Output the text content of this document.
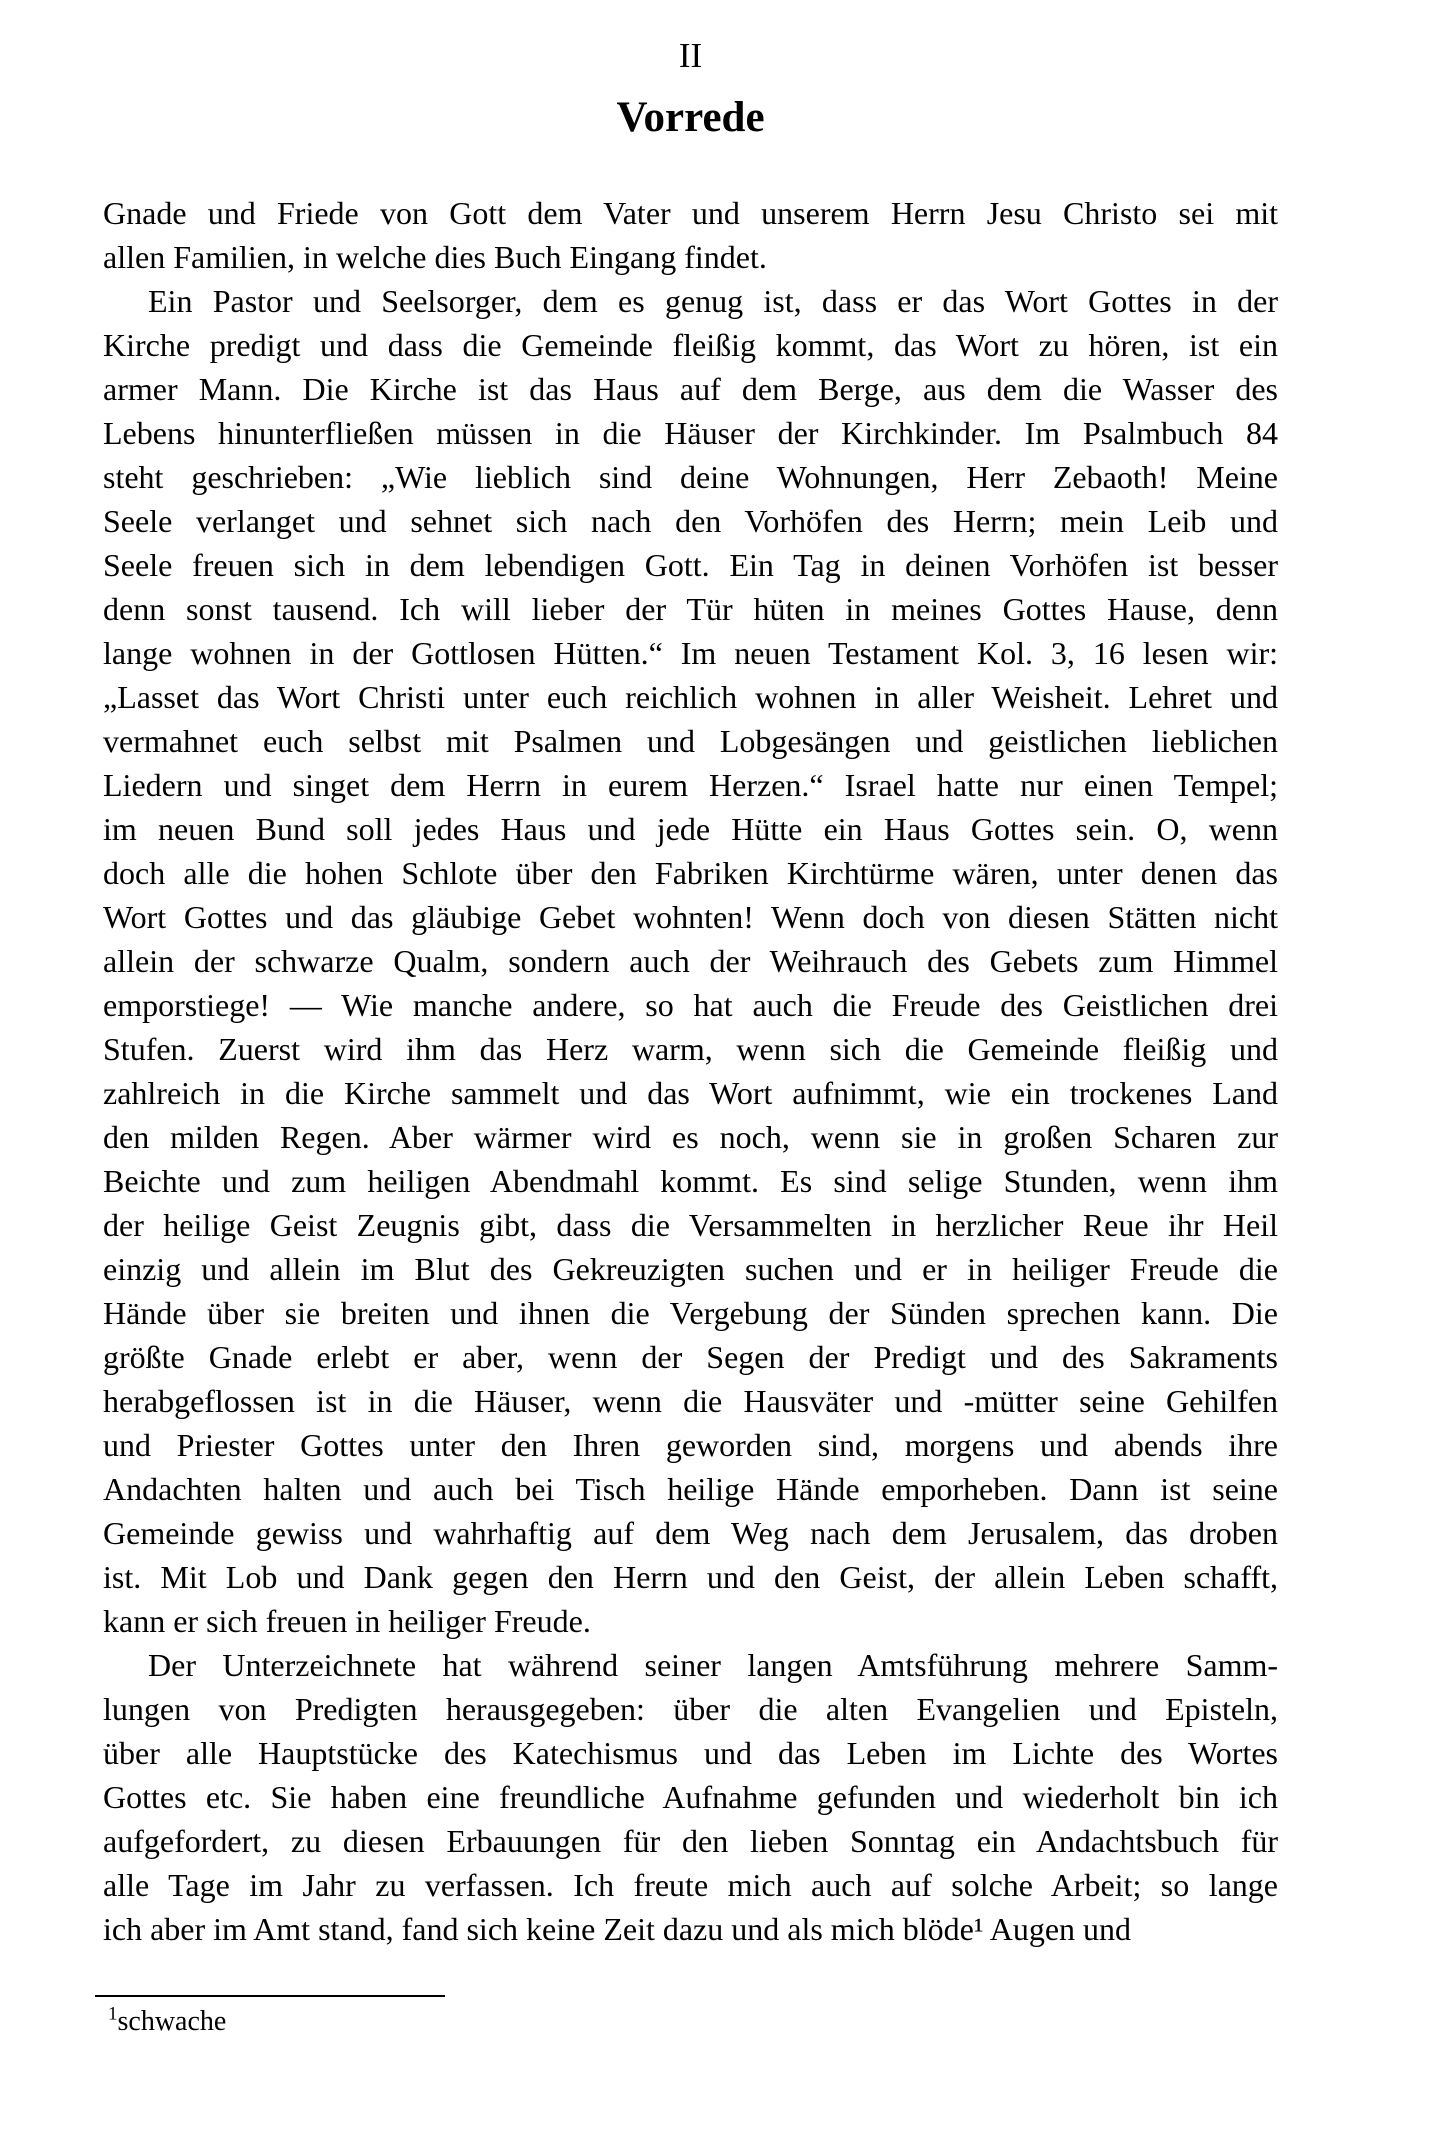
II
Vorrede
Gnade und Friede von Gott dem Vater und unserem Herrn Jesu Christo sei mit
allen Familien, in welche dies Buch Eingang findet.
Ein Pastor und Seelsorger, dem es genug ist, dass er das Wort Gottes in der
Kirche predigt und dass die Gemeinde fleißig kommt, das Wort zu hören, ist ein
armer Mann. Die Kirche ist das Haus auf dem Berge, aus dem die Wasser des
Lebens hinunterfließen müssen in die Häuser der Kirchkinder. Im Psalmbuch 84
steht geschrieben: „Wie lieblich sind deine Wohnungen, Herr Zebaoth! Meine
Seele verlanget und sehnet sich nach den Vorhöfen des Herrn; mein Leib und
Seele freuen sich in dem lebendigen Gott. Ein Tag in deinen Vorhöfen ist besser
denn sonst tausend. Ich will lieber der Tür hüten in meines Gottes Hause, denn
lange wohnen in der Gottlosen Hütten.“ Im neuen Testament Kol. 3, 16 lesen wir:
„Lasset das Wort Christi unter euch reichlich wohnen in aller Weisheit. Lehret und
vermahnet euch selbst mit Psalmen und Lobgesängen und geistlichen lieblichen
Liedern und singet dem Herrn in eurem Herzen.“ Israel hatte nur einen Tempel;
im neuen Bund soll jedes Haus und jede Hütte ein Haus Gottes sein. O, wenn
doch alle die hohen Schlote über den Fabriken Kirchtürme wären, unter denen das
Wort Gottes und das gläubige Gebet wohnten! Wenn doch von diesen Stätten nicht
allein der schwarze Qualm, sondern auch der Weihrauch des Gebets zum Himmel
emporstiege! — Wie manche andere, so hat auch die Freude des Geistlichen drei
Stufen. Zuerst wird ihm das Herz warm, wenn sich die Gemeinde fleißig und
zahlreich in die Kirche sammelt und das Wort aufnimmt, wie ein trockenes Land
den milden Regen. Aber wärmer wird es noch, wenn sie in großen Scharen zur
Beichte und zum heiligen Abendmahl kommt. Es sind selige Stunden, wenn ihm
der heilige Geist Zeugnis gibt, dass die Versammelten in herzlicher Reue ihr Heil
einzig und allein im Blut des Gekreuzigten suchen und er in heiliger Freude die
Hände über sie breiten und ihnen die Vergebung der Sünden sprechen kann. Die
größte Gnade erlebt er aber, wenn der Segen der Predigt und des Sakraments
herabgeflossen ist in die Häuser, wenn die Hausväter und -mütter seine Gehilfen
und Priester Gottes unter den Ihren geworden sind, morgens und abends ihre
Andachten halten und auch bei Tisch heilige Hände emporheben. Dann ist seine
Gemeinde gewiss und wahrhaftig auf dem Weg nach dem Jerusalem, das droben
ist. Mit Lob und Dank gegen den Herrn und den Geist, der allein Leben schafft,
kann er sich freuen in heiliger Freude.
Der Unterzeichnete hat während seiner langen Amtsführung mehrere Samm-
lungen von Predigten herausgegeben: über die alten Evangelien und Episteln,
über alle Hauptstücke des Katechismus und das Leben im Lichte des Wortes
Gottes etc. Sie haben eine freundliche Aufnahme gefunden und wiederholt bin ich
aufgefordert, zu diesen Erbauungen für den lieben Sonntag ein Andachtsbuch für
alle Tage im Jahr zu verfassen. Ich freute mich auch auf solche Arbeit; so lange
ich aber im Amt stand, fand sich keine Zeit dazu und als mich blöde¹ Augen und
$^1$schwache
